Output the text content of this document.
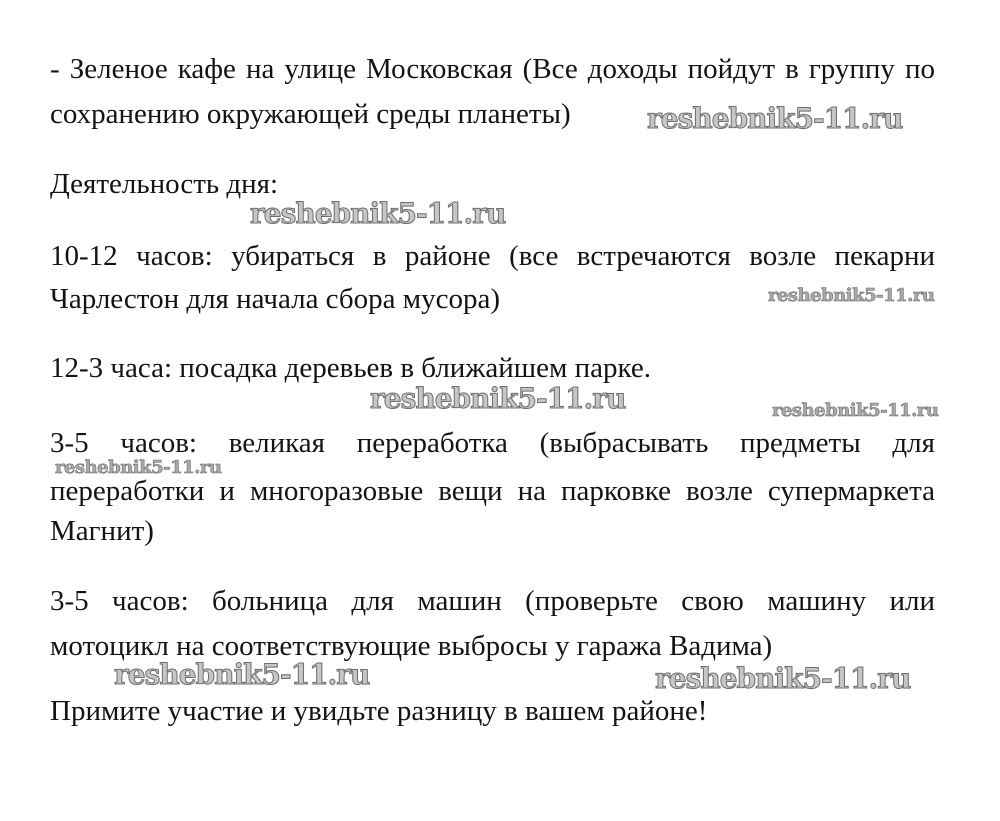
- Зеленое кафе на улице Московская (Все доходы пойдут в группу по
сохранению окружающей среды планеты)
Деятельность дня:
10-12 часов: убираться в районе (все встречаются возле пекарни
Чарлестон для начала сбора мусора)
12-3 часа: посадка деревьев в ближайшем парке.
3-5 часов: великая переработка (выбрасывать предметы для
переработки и многоразовые вещи на парковке возле супермаркета
Магнит)
3-5 часов: больница для машин (проверьте свою машину или
мотоцикл на соответствующие выбросы у гаража Вадима)
Примите участие и увидьте разницу в вашем районе!
reshebnik5-11.ru
reshebnik5-11.ru
reshebnik5-11.ru
reshebnik5-11.ru	reshebnik5-11.ru
reshebnik5-11.ru
reshebnik5-11.ru	reshebnik5-11.ru
